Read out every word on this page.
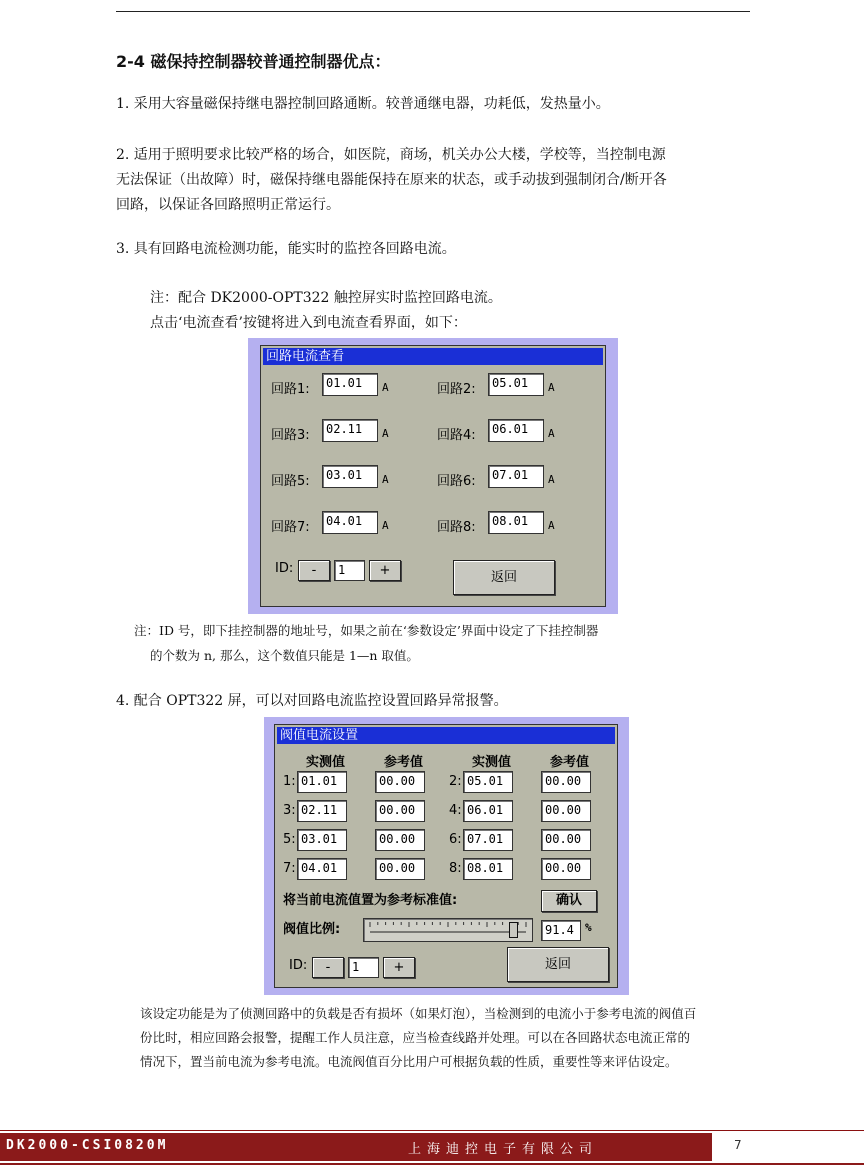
2-4 磁保持控制器较普通控制器优点：
1. 采用大容量磁保持继电器控制回路通断。较普通继电器，功耗低，发热量小。
2. 适用于照明要求比较严格的场合，如医院，商场，机关办公大楼，学校等，当控制电源
无法保证（出故障）时，磁保持继电器能保持在原来的状态，或手动拔到强制闭合/断开各
回路，以保证各回路照明正常运行。
3. 具有回路电流检测功能，能实时的监控各回路电流。
注：配合 DK2000-OPT322 触控屏实时监控回路电流。
点击‘电流查看’按键将进入到电流查看界面，如下：
回路电流查看
回路1:	01.01	A	回路2:	05.01	A
回路3:	02.11	A	回路4:	06.01	A
回路5:	03.01	A	回路6:	07.01	A
回路7:	04.01	A	回路8:	08.01	A
ID:	-	1	+	返回
注：ID 号，即下挂控制器的地址号，如果之前在‘参数设定’界面中设定了下挂控制器
的个数为 n, 那么，这个数值只能是 1—n 取值。
4. 配合 OPT322 屏，可以对回路电流监控设置回路异常报警。
阀值电流设置
实测值	参考值	实测值	参考值
1: 01.01	00.00	2: 05.01	00.00
3: 02.11	00.00	4: 06.01	00.00
5: 03.01	00.00	6: 07.01	00.00
7: 04.01	00.00	8: 08.01	00.00
将当前电流值置为参考标准值:	确认
阀值比例:	91.4	%
ID:	-	1	+	返回
该设定功能是为了侦测回路中的负载是否有损坏（如果灯泡），当检测到的电流小于参考电流的阀值百
份比时，相应回路会报警，提醒工作人员注意，应当检查线路并处理。可以在各回路状态电流正常的
情况下，置当前电流为参考电流。电流阀值百分比用户可根据负载的性质，重要性等来评估设定。
DK2000-CSI0820M	上海迪控电子有限公司	7
